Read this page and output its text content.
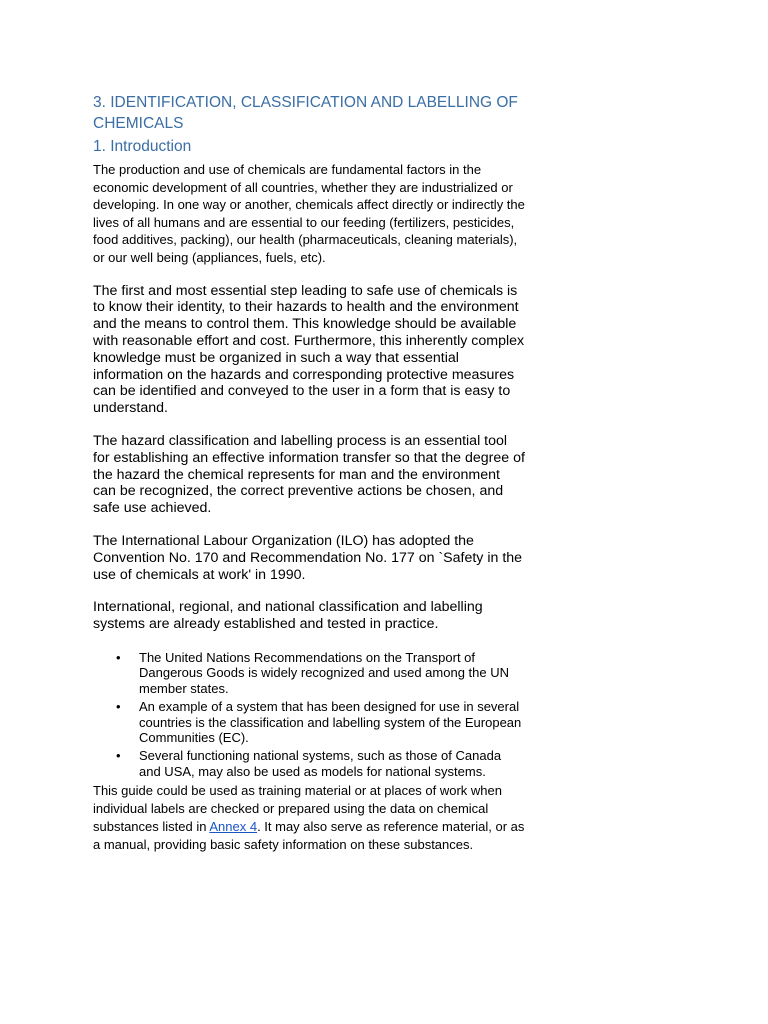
3. IDENTIFICATION, CLASSIFICATION AND LABELLING OF CHEMICALS
1. Introduction

The production and use of chemicals are fundamental factors in the economic development of all countries, whether they are industrialized or developing. In one way or another, chemicals affect directly or indirectly the lives of all humans and are essential to our feeding (fertilizers, pesticides, food additives, packing), our health (pharmaceuticals, cleaning materials), or our well being (appliances, fuels, etc).

The first and most essential step leading to safe use of chemicals is to know their identity, to their hazards to health and the environment and the means to control them. This knowledge should be available with reasonable effort and cost. Furthermore, this inherently complex knowledge must be organized in such a way that essential information on the hazards and corresponding protective measures can be identified and conveyed to the user in a form that is easy to understand.

The hazard classification and labelling process is an essential tool for establishing an effective information transfer so that the degree of the hazard the chemical represents for man and the environment can be recognized, the correct preventive actions be chosen, and safe use achieved.

The International Labour Organization (ILO) has adopted the Convention No. 170 and Recommendation No. 177 on `Safety in the use of chemicals at work' in 1990.

International, regional, and national classification and labelling systems are already established and tested in practice.

• The United Nations Recommendations on the Transport of Dangerous Goods is widely recognized and used among the UN member states.
• An example of a system that has been designed for use in several countries is the classification and labelling system of the European Communities (EC).
• Several functioning national systems, such as those of Canada and USA, may also be used as models for national systems.

This guide could be used as training material or at places of work when individual labels are checked or prepared using the data on chemical substances listed in Annex 4. It may also serve as reference material, or as a manual, providing basic safety information on these substances.
